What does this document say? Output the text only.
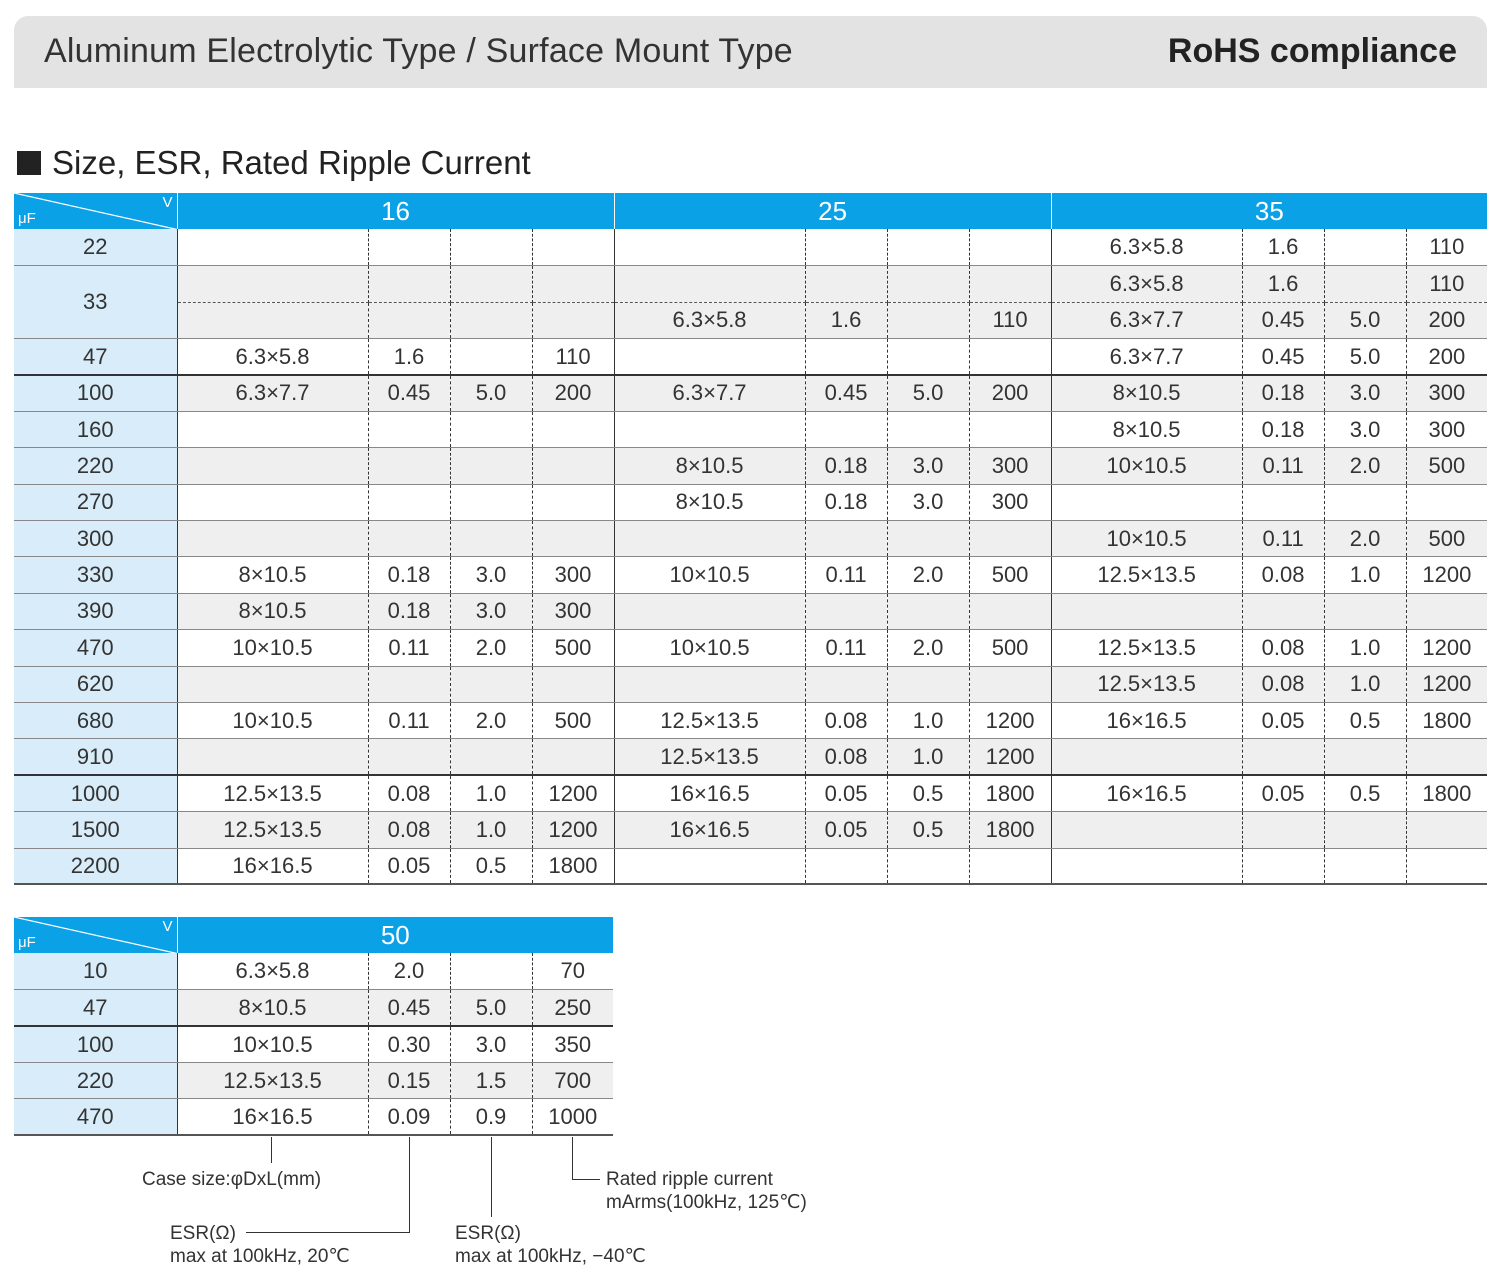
Aluminum Electrolytic Type / Surface Mount Type	RoHS compliance
Size, ESR, Rated Ripple Current
μF
V	16				25				35			
22									6.3×5.8	1.6		110
33									6.3×5.8	1.6		110
					6.3×5.8	1.6		110	6.3×7.7	0.45	5.0	200
47	6.3×5.8	1.6		110					6.3×7.7	0.45	5.0	200
100	6.3×7.7	0.45	5.0	200	6.3×7.7	0.45	5.0	200	8×10.5	0.18	3.0	300
160									8×10.5	0.18	3.0	300
220					8×10.5	0.18	3.0	300	10×10.5	0.11	2.0	500
270					8×10.5	0.18	3.0	300				
300									10×10.5	0.11	2.0	500
330	8×10.5	0.18	3.0	300	10×10.5	0.11	2.0	500	12.5×13.5	0.08	1.0	1200
390	8×10.5	0.18	3.0	300								
470	10×10.5	0.11	2.0	500	10×10.5	0.11	2.0	500	12.5×13.5	0.08	1.0	1200
620									12.5×13.5	0.08	1.0	1200
680	10×10.5	0.11	2.0	500	12.5×13.5	0.08	1.0	1200	16×16.5	0.05	0.5	1800
910					12.5×13.5	0.08	1.0	1200				
1000	12.5×13.5	0.08	1.0	1200	16×16.5	0.05	0.5	1800	16×16.5	0.05	0.5	1800
1500	12.5×13.5	0.08	1.0	1200	16×16.5	0.05	0.5	1800				
2200	16×16.5	0.05	0.5	1800								
μF
V	50			
10	6.3×5.8	2.0		70
47	8×10.5	0.45	5.0	250
100	10×10.5	0.30	3.0	350
220	12.5×13.5	0.15	1.5	700
470	16×16.5	0.09	0.9	1000
Case size:φDxL(mm)
ESR(Ω)
max at 100kHz, 20℃
ESR(Ω)
max at 100kHz, −40℃
Rated ripple current
mArms(100kHz, 125℃)
